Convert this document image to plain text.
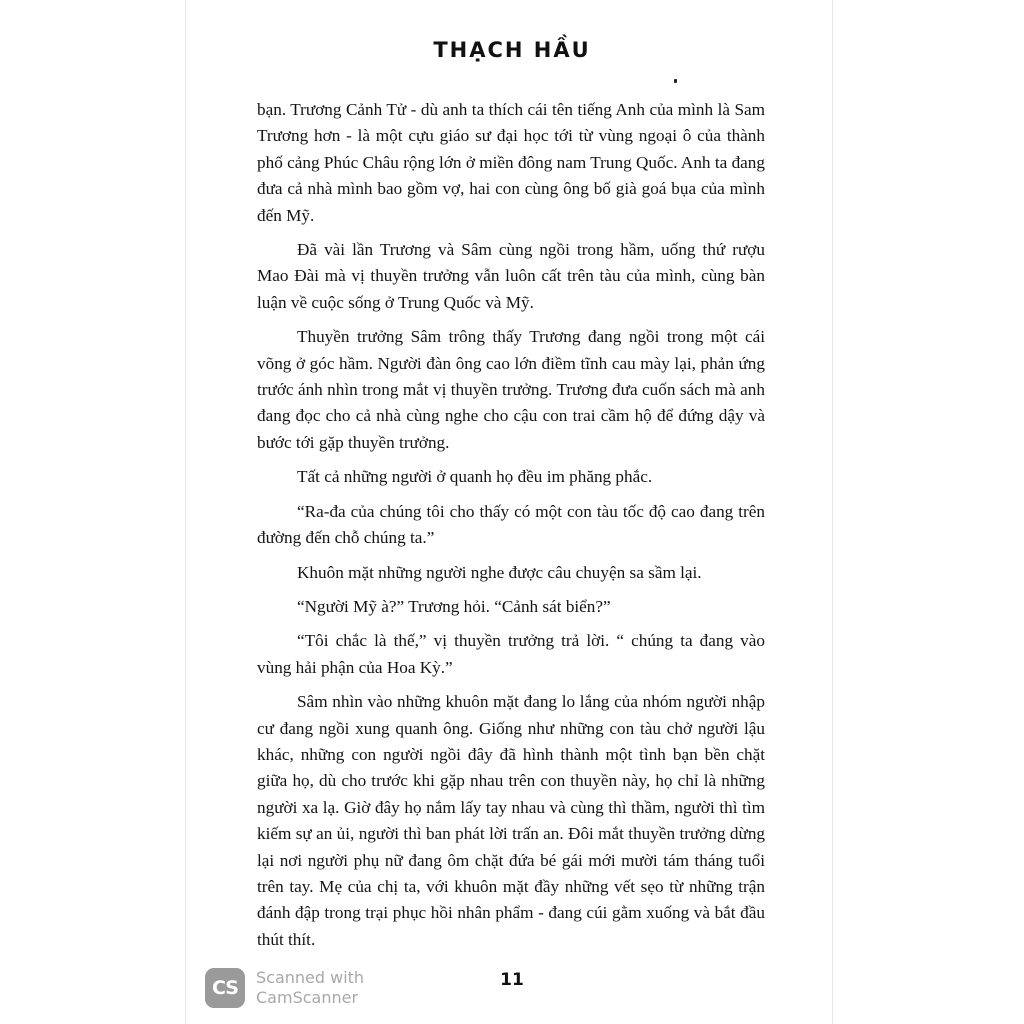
THẠCH HẦU

bạn. Trương Cảnh Tử - dù anh ta thích cái tên tiếng Anh của mình là Sam Trương hơn - là một cựu giáo sư đại học tới từ vùng ngoại ô của thành phố cảng Phúc Châu rộng lớn ở miền đông nam Trung Quốc. Anh ta đang đưa cả nhà mình bao gồm vợ, hai con cùng ông bố già goá bụa của mình đến Mỹ.

Đã vài lần Trương và Sâm cùng ngồi trong hầm, uống thứ rượu Mao Đài mà vị thuyền trưởng vẫn luôn cất trên tàu của mình, cùng bàn luận về cuộc sống ở Trung Quốc và Mỹ.

Thuyền trưởng Sâm trông thấy Trương đang ngồi trong một cái võng ở góc hầm. Người đàn ông cao lớn điềm tĩnh cau mày lại, phản ứng trước ánh nhìn trong mắt vị thuyền trưởng. Trương đưa cuốn sách mà anh đang đọc cho cả nhà cùng nghe cho cậu con trai cầm hộ để đứng dậy và bước tới gặp thuyền trưởng.

Tất cả những người ở quanh họ đều im phăng phắc.

“Ra-đa của chúng tôi cho thấy có một con tàu tốc độ cao đang trên đường đến chỗ chúng ta.”

Khuôn mặt những người nghe được câu chuyện sa sầm lại.

“Người Mỹ à?” Trương hỏi. “Cảnh sát biển?”

“Tôi chắc là thế,” vị thuyền trưởng trả lời. “ chúng ta đang vào vùng hải phận của Hoa Kỳ.”

Sâm nhìn vào những khuôn mặt đang lo lắng của nhóm người nhập cư đang ngồi xung quanh ông. Giống như những con tàu chở người lậu khác, những con người ngồi đây đã hình thành một tình bạn bền chặt giữa họ, dù cho trước khi gặp nhau trên con thuyền này, họ chỉ là những người xa lạ. Giờ đây họ nắm lấy tay nhau và cùng thì thầm, người thì tìm kiếm sự an ủi, người thì ban phát lời trấn an. Đôi mắt thuyền trưởng dừng lại nơi người phụ nữ đang ôm chặt đứa bé gái mới mười tám tháng tuổi trên tay. Mẹ của chị ta, với khuôn mặt đầy những vết sẹo từ những trận đánh đập trong trại phục hồi nhân phẩm - đang cúi gằm xuống và bắt đầu thút thít.

CS Scanned with
CamScanner
11
